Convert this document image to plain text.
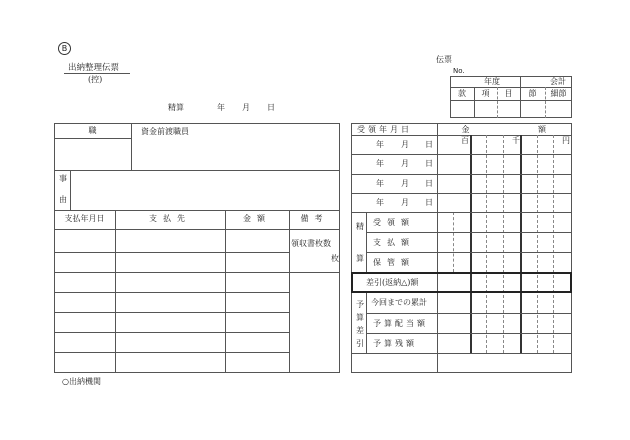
B
出納整理伝票
(控)
精算	年 月 日
伝票
No.
年度	会計
款	項	目	節	細節
職	資金前渡職員
事
由
支払年月日	支払先	金額	備考
領収書枚数
枚
○出納機関
受領年月日	金	額
百	千	円
年 月 日
年 月 日
年 月 日
年 月 日
精
算
受領額
支払額
保管額
差引(返納△)額
予算差引
今回までの累計
予算配当額
予算残額
